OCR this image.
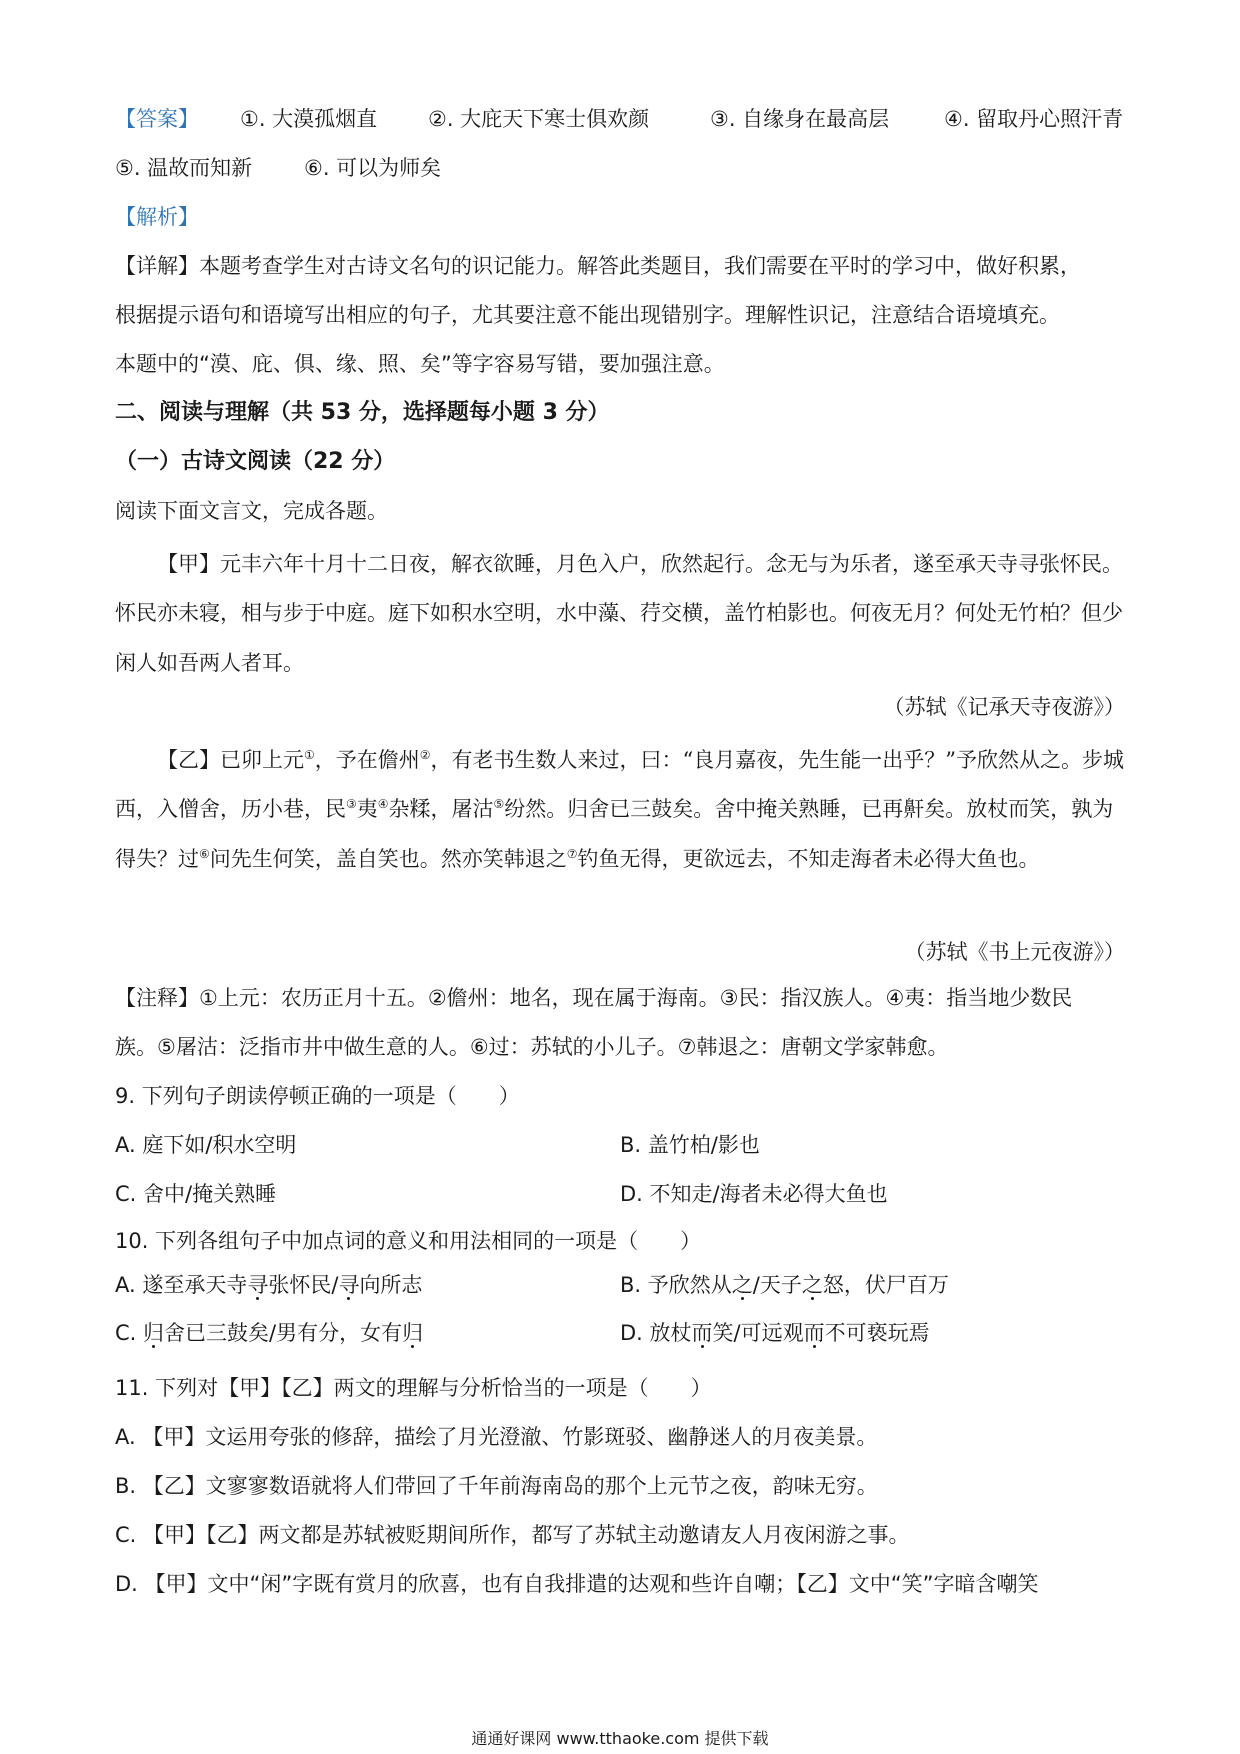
【答案】 ①. 大漠孤烟直 ②. 大庇天下寒士俱欢颜	③. 自缘身在最高层	④. 留取丹心照汗青
⑤. 温故而知新 ⑥. 可以为师矣
【解析】
【详解】本题考查学生对古诗文名句的识记能力。解答此类题目，我们需要在平时的学习中，做好积累，
根据提示语句和语境写出相应的句子，尤其要注意不能出现错别字。理解性识记，注意结合语境填充。
本题中的“漠、庇、俱、缘、照、矣”等字容易写错，要加强注意。
二、阅读与理解（共 53 分，选择题每小题 3 分）
（一）古诗文阅读（22 分）
阅读下面文言文，完成各题。
【甲】元丰六年十月十二日夜，解衣欲睡，月色入户，欣然起行。念无与为乐者，遂至承天寺寻张怀民。怀民亦未寝，相与步于中庭。庭下如积水空明，水中藻、荇交横，盖竹柏影也。何夜无月？何处无竹柏？但少闲人如吾两人者耳。
（苏轼《记承天寺夜游》）
【乙】已卯上元①，予在儋州②，有老书生数人来过，曰：“良月嘉夜，先生能一出乎？”予欣然从之。步城西，入僧舍，历小巷，民③夷④杂糅，屠沽⑤纷然。归舍已三鼓矣。舍中掩关熟睡，已再鼾矣。放杖而笑，孰为得失？过⑥问先生何笑，盖自笑也。然亦笑韩退之⑦钓鱼无得，更欲远去，不知走海者未必得大鱼也。
（苏轼《书上元夜游》）
【注释】①上元：农历正月十五。②儋州：地名，现在属于海南。③民：指汉族人。④夷：指当地少数民
族。⑤屠沽：泛指市井中做生意的人。⑥过：苏轼的小儿子。⑦韩退之：唐朝文学家韩愈。
9. 下列句子朗读停顿正确的一项是（　　）
A. 庭下如/积水空明	B. 盖竹柏/影也
C. 舍中/掩关熟睡	D. 不知走/海者未必得大鱼也
10. 下列各组句子中加点词的意义和用法相同的一项是（　　）
A. 遂至承天寺寻张怀民/寻向所志	B. 予欣然从之/天子之怒，伏尸百万
C. 归舍已三鼓矣/男有分，女有归	D. 放杖而笑/可远观而不可亵玩焉
11. 下列对【甲】【乙】两文的理解与分析恰当的一项是（　　）
A. 【甲】文运用夸张的修辞，描绘了月光澄澈、竹影斑驳、幽静迷人的月夜美景。
B. 【乙】文寥寥数语就将人们带回了千年前海南岛的那个上元节之夜，韵味无穷。
C. 【甲】【乙】两文都是苏轼被贬期间所作，都写了苏轼主动邀请友人月夜闲游之事。
D. 【甲】文中“闲”字既有赏月的欣喜，也有自我排遣的达观和些许自嘲；【乙】文中“笑”字暗含嘲笑
通通好课网 www.tthaoke.com 提供下载
